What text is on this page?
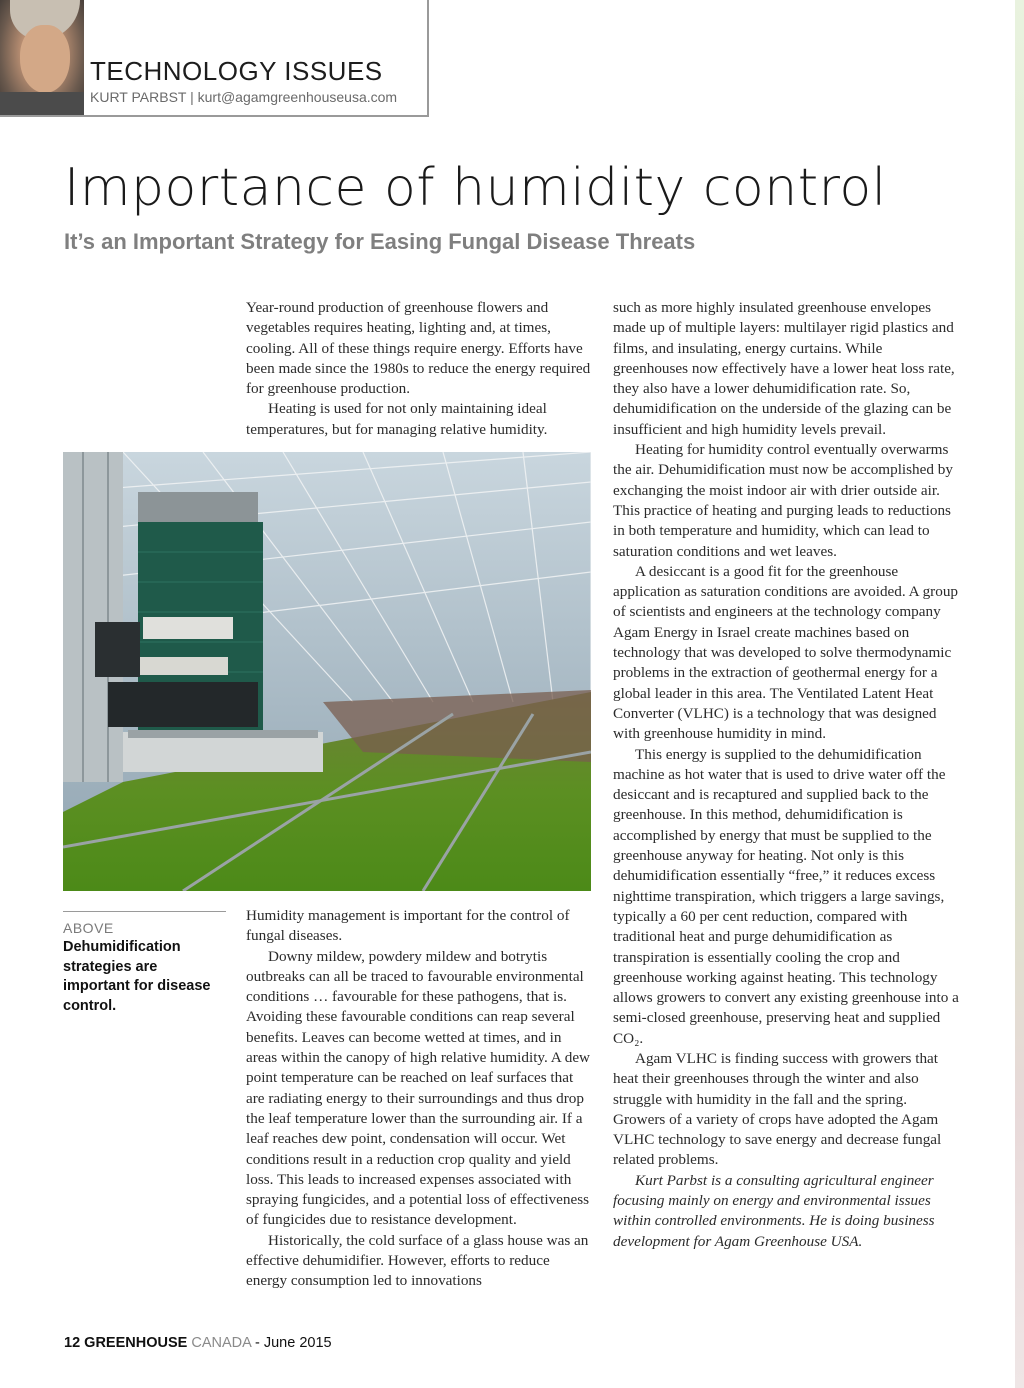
TECHNOLOGY ISSUES
KURT PARBST | kurt@agamgreenhouseusa.com
Importance of humidity control
It’s an Important Strategy for Easing Fungal Disease Threats

Year-round production of greenhouse flowers and vegetables requires heating, lighting and, at times, cooling. All of these things require energy. Efforts have been made since the 1980s to reduce the energy required for greenhouse production.

Heating is used for not only maintaining ideal temperatures, but for managing relative humidity.

ABOVE
Dehumidification strategies are important for disease control.

Humidity management is important for the control of fungal diseases.

Downy mildew, powdery mildew and botrytis outbreaks can all be traced to favourable environmental conditions … favourable for these pathogens, that is. Avoiding these favourable conditions can reap several benefits. Leaves can become wetted at times, and in areas within the canopy of high relative humidity. A dew point temperature can be reached on leaf surfaces that are radiating energy to their surroundings and thus drop the leaf temperature lower than the surrounding air. If a leaf reaches dew point, condensation will occur. Wet conditions result in a reduction crop quality and yield loss. This leads to increased expenses associated with spraying fungicides, and a potential loss of effectiveness of fungicides due to resistance development.

Historically, the cold surface of a glass house was an effective dehumidifier. However, efforts to reduce energy consumption led to innovations

such as more highly insulated greenhouse envelopes made up of multiple layers: multilayer rigid plastics and films, and insulating, energy curtains. While greenhouses now effectively have a lower heat loss rate, they also have a lower dehumidification rate. So, dehumidification on the underside of the glazing can be insufficient and high humidity levels prevail.

Heating for humidity control eventually overwarms the air. Dehumidification must now be accomplished by exchanging the moist indoor air with drier outside air. This practice of heating and purging leads to reductions in both temperature and humidity, which can lead to saturation conditions and wet leaves.

A desiccant is a good fit for the greenhouse application as saturation conditions are avoided. A group of scientists and engineers at the technology company Agam Energy in Israel create machines based on technology that was developed to solve thermodynamic problems in the extraction of geothermal energy for a global leader in this area. The Ventilated Latent Heat Converter (VLHC) is a technology that was designed with greenhouse humidity in mind.

This energy is supplied to the dehumidification machine as hot water that is used to drive water off the desiccant and is recaptured and supplied back to the greenhouse. In this method, dehumidification is accomplished by energy that must be supplied to the greenhouse anyway for heating. Not only is this dehumidification essentially “free,” it reduces excess nighttime transpiration, which triggers a large savings, typically a 60 per cent reduction, compared with traditional heat and purge dehumidification as transpiration is essentially cooling the crop and greenhouse working against heating. This technology allows growers to convert any existing greenhouse into a semi-closed greenhouse, preserving heat and supplied CO₂.

Agam VLHC is finding success with growers that heat their greenhouses through the winter and also struggle with humidity in the fall and the spring. Growers of a variety of crops have adopted the Agam VLHC technology to save energy and decrease fungal related problems.

Kurt Parbst is a consulting agricultural engineer focusing mainly on energy and environmental issues within controlled environments. He is doing business development for Agam Greenhouse USA.

12 GREENHOUSE CANADA - June 2015
